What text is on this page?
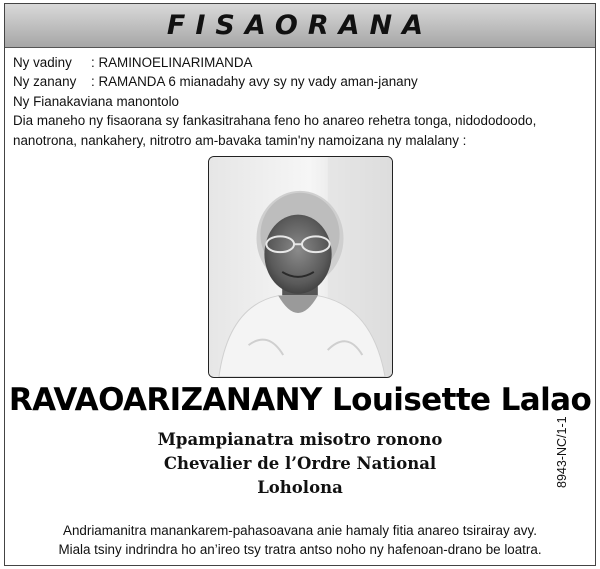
FISAORANA
Ny vadiny : RAMINOELINARIMANDA
Ny zanany : RAMANDA 6 mianadahy avy sy ny vady aman-janany
Ny Fianakaviana manontolo
Dia maneho ny fisaorana sy fankasitrahana feno ho anareo rehetra tonga, nidododoodo, nanotrona, nankahery, nitrotro am-bavaka tamin'ny namoizana ny malalany :
RAVAOARIZANANY Louisette Lalao
Mpampianatra misotro ronono
Chevalier de l’Ordre National
Loholona	8943-NC/1-1
Andriamanitra manankarem-pahasoavana anie hamaly fitia anareo tsirairay avy.
Miala tsiny indrindra ho an’ireo tsy tratra antso noho ny hafenoan-drano be loatra.
